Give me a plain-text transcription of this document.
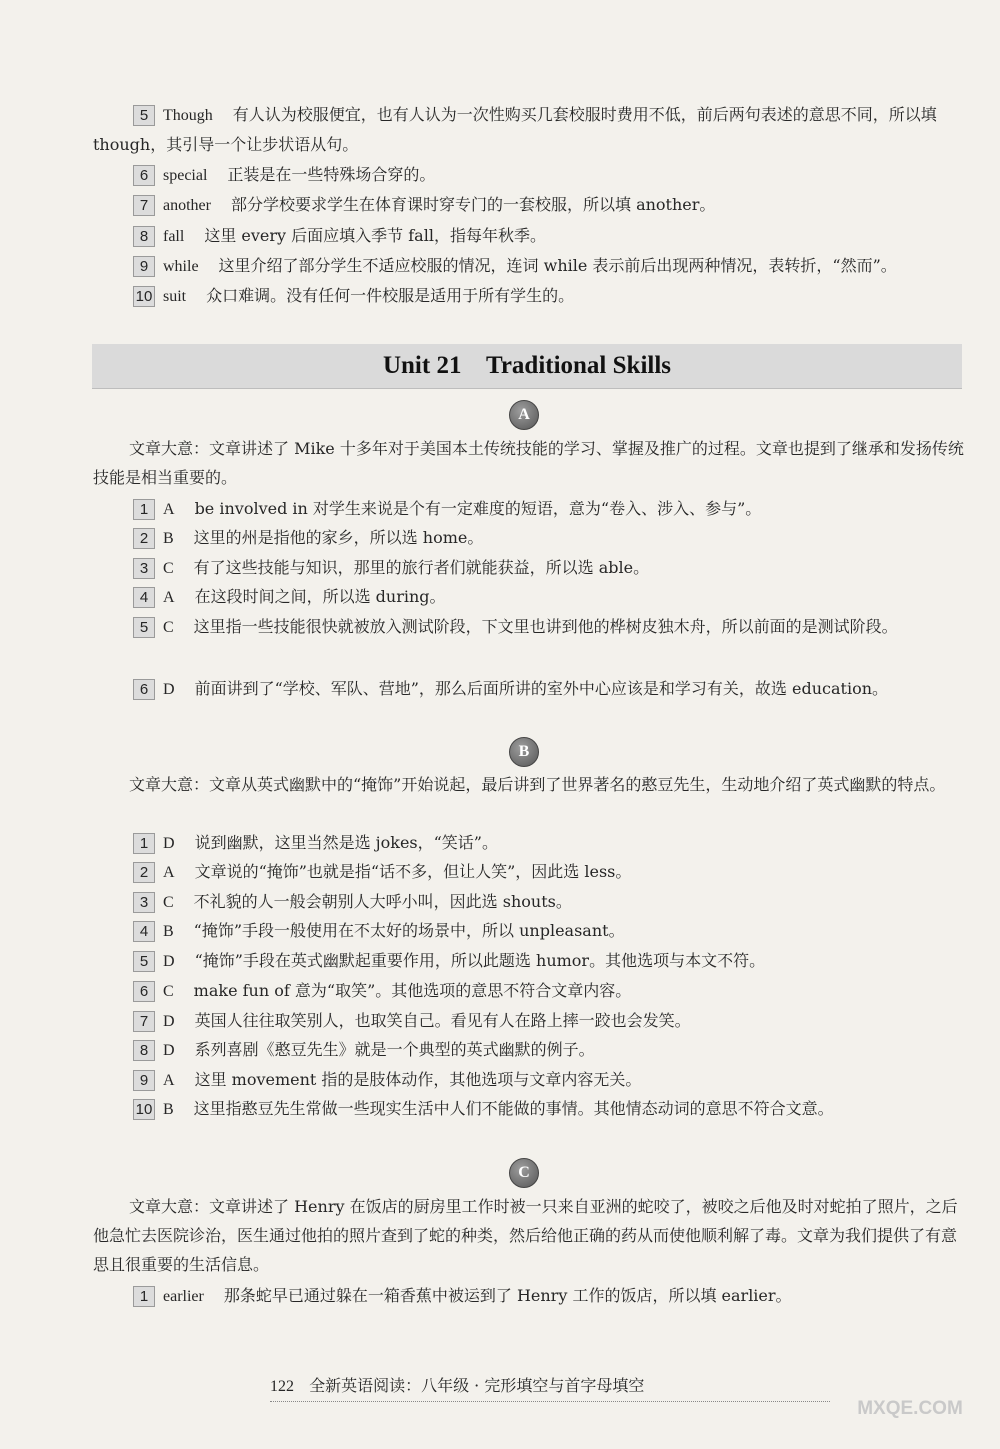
5 Though 有人认为校服便宜，也有人认为一次性购买几套校服时费用不低，前后两句表述的意思不同，所以填 though，其引导一个让步状语从句。
6 special 正装是在一些特殊场合穿的。
7 another 部分学校要求学生在体育课时穿专门的一套校服，所以填 another。
8 fall 这里 every 后面应填入季节 fall，指每年秋季。
9 while 这里介绍了部分学生不适应校服的情况，连词 while 表示前后出现两种情况，表转折，“然而”。
10 suit 众口难调。没有任何一件校服是适用于所有学生的。
Unit 21    Traditional Skills
A
文章大意：文章讲述了 Mike 十多年对于美国本土传统技能的学习、掌握及推广的过程。文章也提到了继承和发扬传统技能是相当重要的。
1 A be involved in 对学生来说是个有一定难度的短语，意为“卷入、涉入、参与”。
2 B 这里的州是指他的家乡，所以选 home。
3 C 有了这些技能与知识，那里的旅行者们就能获益，所以选 able。
4 A 在这段时间之间，所以选 during。
5 C 这里指一些技能很快就被放入测试阶段，下文里也讲到他的桦树皮独木舟，所以前面的是测试阶段。
6 D 前面讲到了“学校、军队、营地”，那么后面所讲的室外中心应该是和学习有关，故选 education。
B
文章大意：文章从英式幽默中的“掩饰”开始说起，最后讲到了世界著名的憨豆先生，生动地介绍了英式幽默的特点。
1 D 说到幽默，这里当然是选 jokes，“笑话”。
2 A 文章说的“掩饰”也就是指“话不多，但让人笑”，因此选 less。
3 C 不礼貌的人一般会朝别人大呼小叫，因此选 shouts。
4 B “掩饰”手段一般使用在不太好的场景中，所以 unpleasant。
5 D “掩饰”手段在英式幽默起重要作用，所以此题选 humor。其他选项与本文不符。
6 C make fun of 意为“取笑”。其他选项的意思不符合文章内容。
7 D 英国人往往取笑别人，也取笑自己。看见有人在路上摔一跤也会发笑。
8 D 系列喜剧《憨豆先生》就是一个典型的英式幽默的例子。
9 A 这里 movement 指的是肢体动作，其他选项与文章内容无关。
10 B 这里指憨豆先生常做一些现实生活中人们不能做的事情。其他情态动词的意思不符合文意。
C
文章大意：文章讲述了 Henry 在饭店的厨房里工作时被一只来自亚洲的蛇咬了，被咬之后他及时对蛇拍了照片，之后他急忙去医院诊治，医生通过他拍的照片查到了蛇的种类，然后给他正确的药从而使他顺利解了毒。文章为我们提供了有意思且很重要的生活信息。
1 earlier 那条蛇早已通过躲在一箱香蕉中被运到了 Henry 工作的饭店，所以填 earlier。
122 全新英语阅读：八年级 · 完形填空与首字母填空
MXQE.COM
